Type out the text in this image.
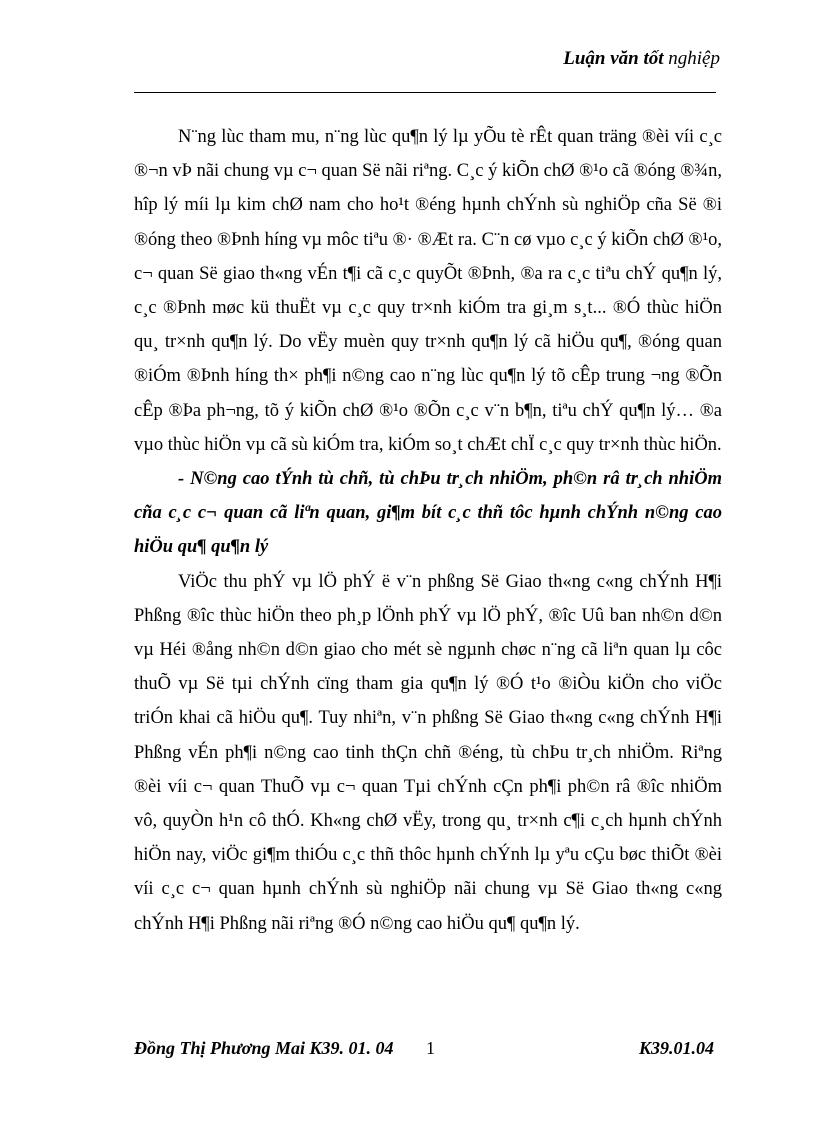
Luận văn tốt nghiệp

N¨ng lùc tham mu, n¨ng lùc qu¶n lý lµ yÕu tè rÊt quan träng ®èi víi c¸c ®¬n vÞ nãi chung vµ c¬ quan Së nãi riªng. C¸c ý kiÕn chØ ®¹o cã ®óng ®¾n, hîp lý míi lµ kim chØ nam cho ho¹t ®éng hµnh chÝnh sù nghiÖp cña Së ®i ®óng theo ®Þnh híng vµ môc tiªu ®· ®Æt ra. C¨n cø vµo c¸c ý kiÕn chØ ®¹o, c¬ quan Së giao th«ng vÉn t¶i cã c¸c quyÕt ®Þnh, ®a ra c¸c tiªu chÝ qu¶n lý, c¸c ®Þnh møc kü thuËt vµ c¸c quy tr×nh kiÓm tra gi¸m s¸t... ®Ó thùc hiÖn qu¸ tr×nh qu¶n lý. Do vËy muèn quy tr×nh qu¶n lý cã hiÖu qu¶, ®óng quan ®iÓm ®Þnh híng th× ph¶i n©ng cao n¨ng lùc qu¶n lý tõ cÊp trung ¬ng ®Õn cÊp ®Þa ph¬ng, tõ ý kiÕn chØ ®¹o ®Õn c¸c v¨n b¶n, tiªu chÝ qu¶n lý… ®a vµo thùc hiÖn vµ cã sù kiÓm tra, kiÓm so¸t chÆt chÏ c¸c quy tr×nh thùc hiÖn.

- N©ng cao tÝnh tù chñ, tù chÞu tr¸ch nhiÖm, ph©n râ tr¸ch nhiÖm cña c¸c c¬ quan cã liªn quan, gi¶m bít c¸c thñ tôc hµnh chÝnh n©ng cao hiÖu qu¶ qu¶n lý

ViÖc thu phÝ vµ lÖ phÝ ë v¨n phßng Së Giao th«ng c«ng chÝnh H¶i Phßng ®îc thùc hiÖn theo ph¸p lÖnh phÝ vµ lÖ phÝ, ®îc Uû ban nh©n d©n vµ Héi ®ång nh©n d©n giao cho mét sè ngµnh chøc n¨ng cã liªn quan lµ côc thuÕ vµ Së tµi chÝnh cïng tham gia qu¶n lý ®Ó t¹o ®iÒu kiÖn cho viÖc triÓn khai cã hiÖu qu¶. Tuy nhiªn, v¨n phßng Së Giao th«ng c«ng chÝnh H¶i Phßng vÉn ph¶i n©ng cao tinh thÇn chñ ®éng, tù chÞu tr¸ch nhiÖm. Riªng ®èi víi c¬ quan ThuÕ vµ c¬ quan Tµi chÝnh cÇn ph¶i ph©n râ ®îc nhiÖm vô, quyÒn h¹n cô thÓ. Kh«ng chØ vËy, trong qu¸ tr×nh c¶i c¸ch hµnh chÝnh hiÖn nay, viÖc gi¶m thiÓu c¸c thñ thôc hµnh chÝnh lµ yªu cÇu bøc thiÕt ®èi víi c¸c c¬ quan hµnh chÝnh sù nghiÖp nãi chung vµ Së Giao th«ng c«ng chÝnh H¶i Phßng nãi riªng ®Ó n©ng cao hiÖu qu¶ qu¶n lý.

Đồng Thị Phương Mai K39. 01. 04 1	K39.01.04
